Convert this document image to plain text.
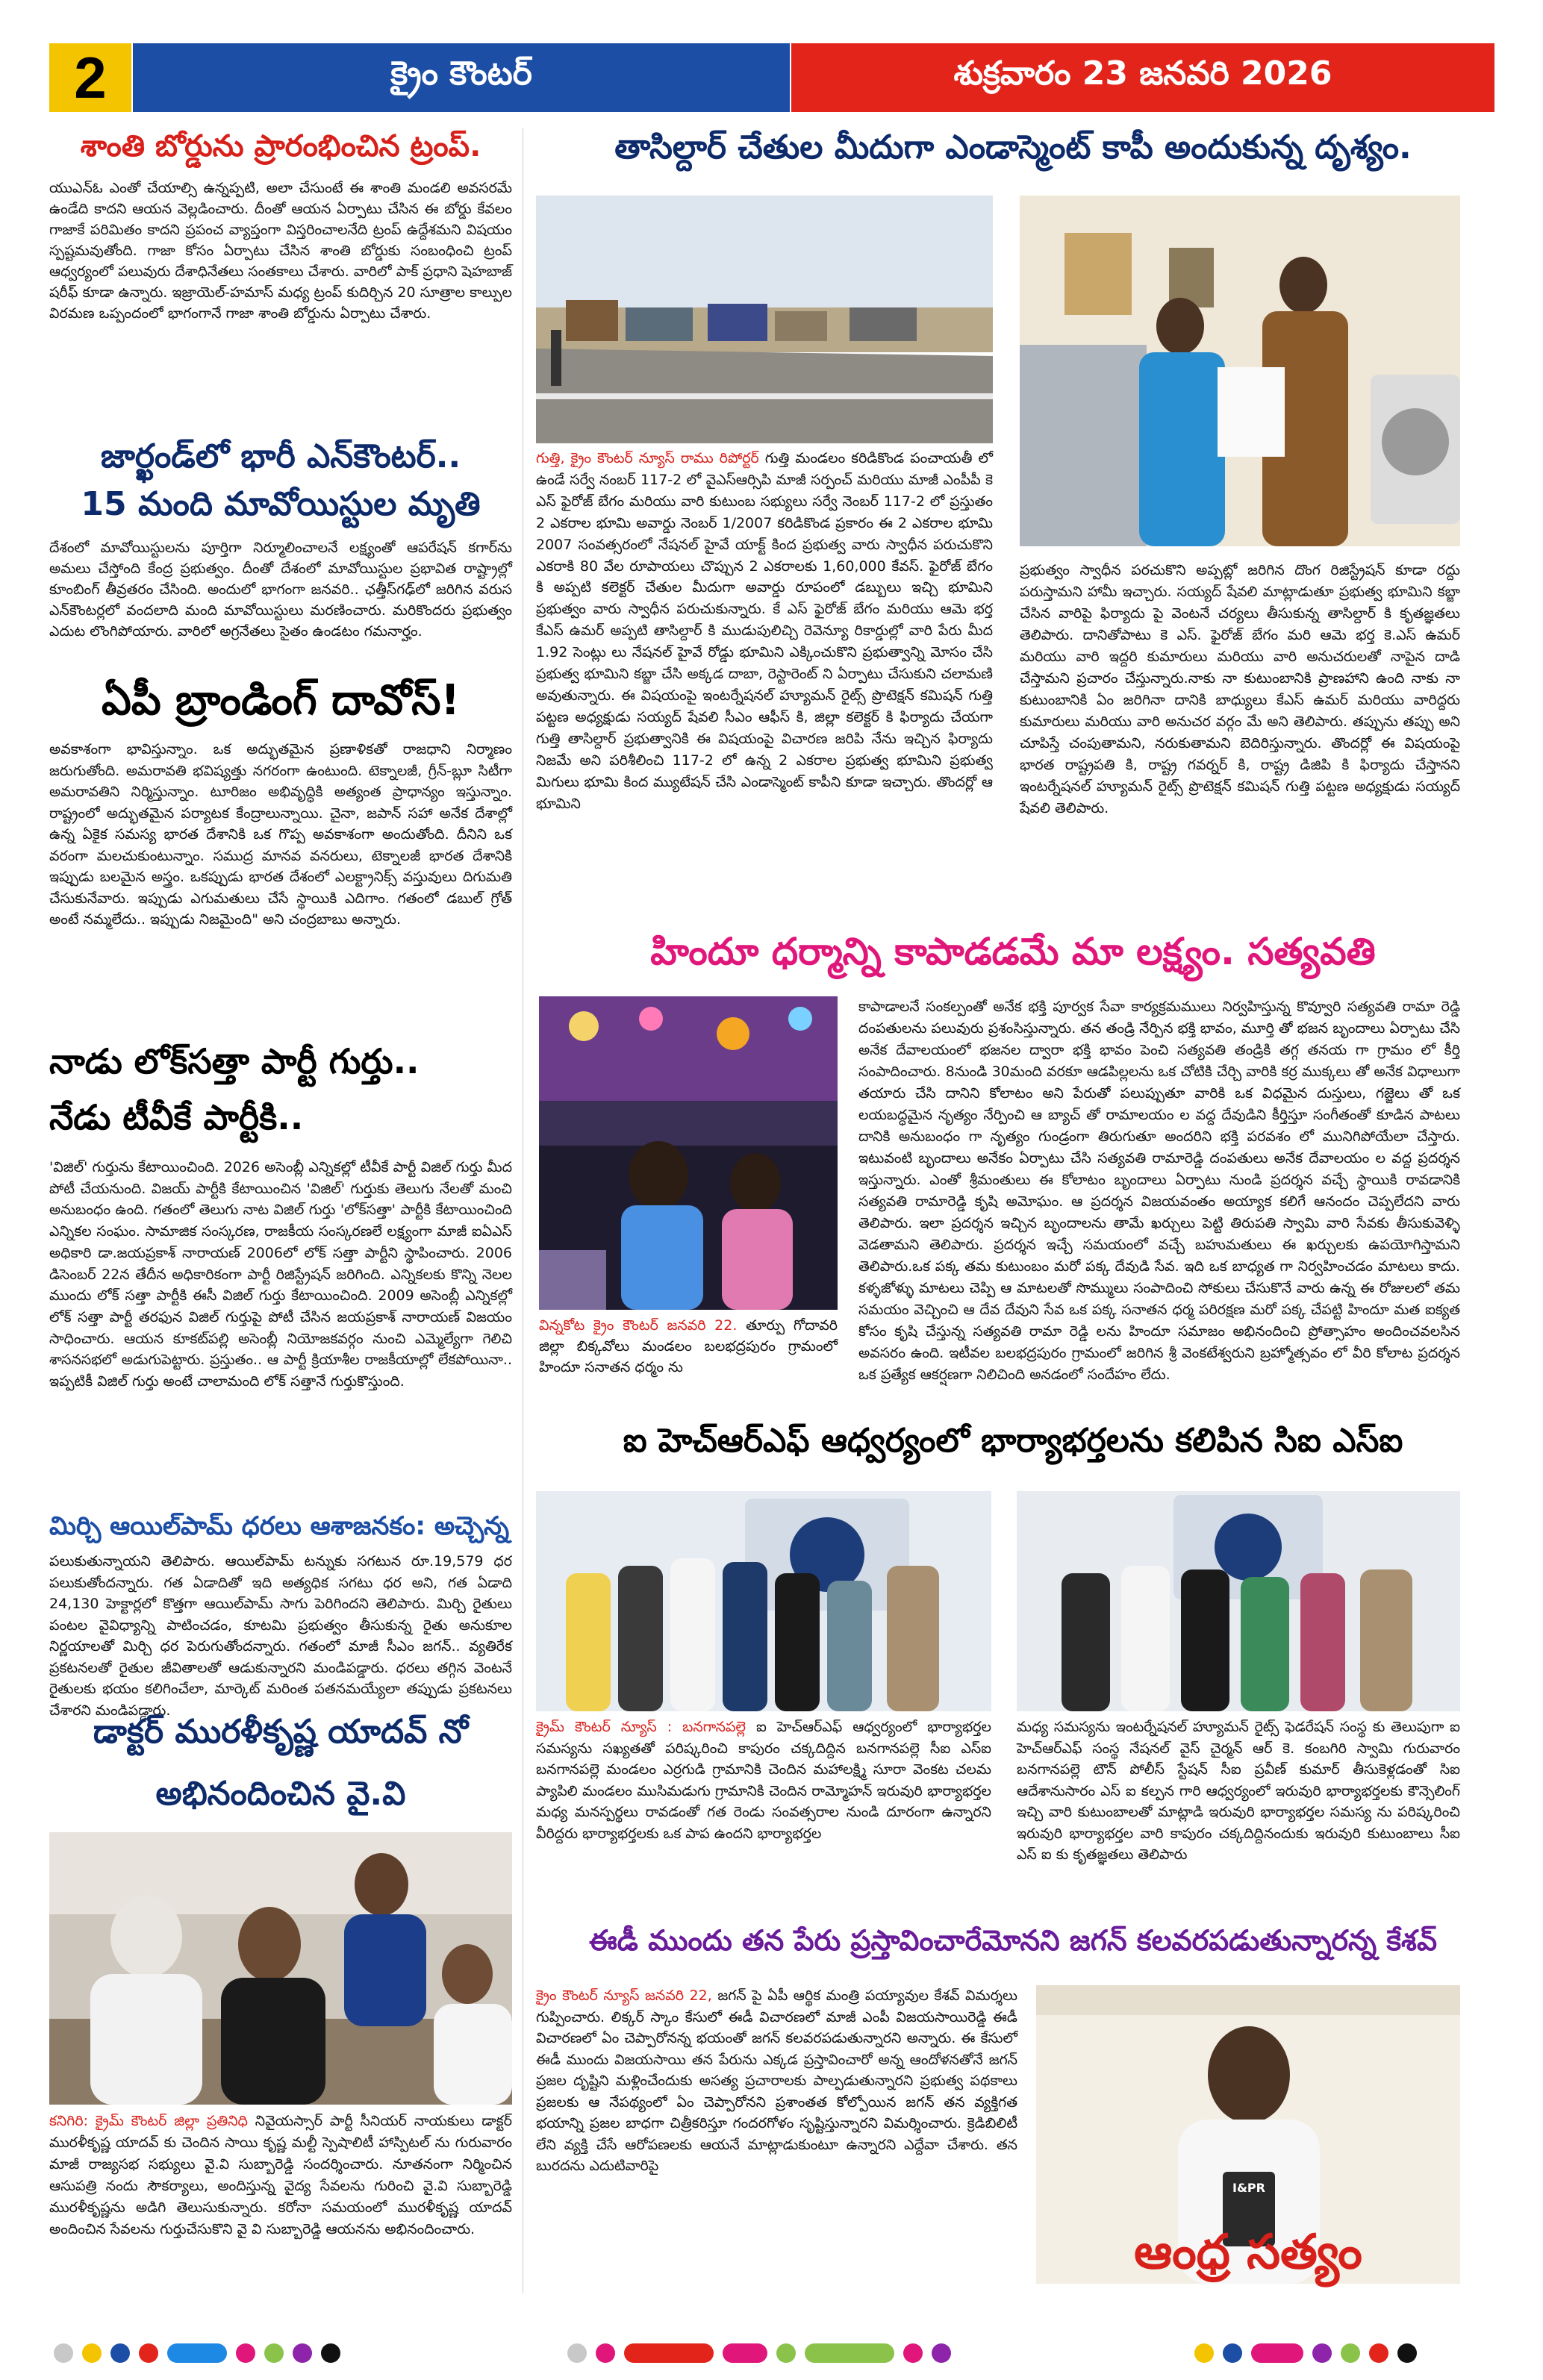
2	క్రైం కౌంటర్	శుక్రవారం 23 జనవరి 2026
శాంతి బోర్డును ప్రారంభించిన ట్రంప్.
యుఎన్ఓ ఎంతో చేయాల్సి ఉన్నప్పటి, అలా చేసుంటే ఈ శాంతి మండలి అవసరమే ఉండేది కాదని ఆయన వెల్లడించారు. దీంతో ఆయన ఏర్పాటు చేసిన ఈ బోర్డు కేవలం గాజాకే పరిమితం కాదని ప్రపంచ వ్యాప్తంగా విస్తరించాలనేది ట్రంప్ ఉద్దేశమని విషయం స్పష్టమవుతోంది. గాజా కోసం ఏర్పాటు చేసిన శాంతి బోర్డుకు సంబంధించి ట్రంప్ ఆధ్వర్యంలో పలువురు దేశాధినేతలు సంతకాలు చేశారు. వారిలో పాక్ ప్రధాని షెహబాజ్ షరీఫ్ కూడా ఉన్నారు. ఇజ్రాయెల్-హమాస్ మధ్య ట్రంప్ కుదిర్చిన 20 సూత్రాల కాల్పుల విరమణ ఒప్పందంలో భాగంగానే గాజా శాంతి బోర్డును ఏర్పాటు చేశారు.
జార్ఖండ్‌లో భారీ ఎన్‌కౌంటర్..
15 మంది మావోయిస్టుల మృతి
దేశంలో మావోయిస్టులను పూర్తిగా నిర్మూలించాలనే లక్ష్యంతో ఆపరేషన్ కగార్‌ను అమలు చేస్తోంది కేంద్ర ప్రభుత్వం. దీంతో దేశంలో మావోయిస్టుల ప్రభావిత రాష్ట్రాల్లో కూంబింగ్ తీవ్రతరం చేసింది. అందులో భాగంగా జనవరి.. ఛత్తీస్‌గఢ్‌లో జరిగిన వరుస ఎన్‌కౌంటర్లలో వందలాది మంది మావోయిస్టులు మరణించారు. మరికొందరు ప్రభుత్వం ఎదుట లొంగిపోయారు. వారిలో అగ్రనేతలు సైతం ఉండటం గమనార్హం.
ఏపీ బ్రాండింగ్ దావోస్!
అవకాశంగా భావిస్తున్నాం. ఒక అద్భుతమైన ప్రణాళికతో రాజధాని నిర్మాణం జరుగుతోంది. అమరావతి భవిష్యత్తు నగరంగా ఉంటుంది. టెక్నాలజీ, గ్రీన్-బ్లూ సిటీగా అమరావతిని నిర్మిస్తున్నాం. టూరిజం అభివృద్ధికి అత్యంత ప్రాధాన్యం ఇస్తున్నాం. రాష్ట్రంలో అద్భుతమైన పర్యాటక కేంద్రాలున్నాయి. చైనా, జపాన్ సహా అనేక దేశాల్లో ఉన్న ఏకైక సమస్య భారత దేశానికి ఒక గొప్ప అవకాశంగా అందుతోంది. దీనిని ఒక వరంగా మలచుకుంటున్నాం. సముద్ర మానవ వనరులు, టెక్నాలజీ భారత దేశానికి ఇప్పుడు బలమైన అస్త్రం. ఒకప్పుడు భారత దేశంలో ఎలక్ట్రానిక్స్ వస్తువులు దిగుమతి చేసుకునేవారు. ఇప్పుడు ఎగుమతులు చేసే స్థాయికి ఎదిగాం. గతంలో డబుల్ గ్రోత్ అంటే నమ్మలేదు.. ఇప్పుడు నిజమైంది" అని చంద్రబాబు అన్నారు.
నాడు లోక్‌సత్తా పార్టీ గుర్తు..
నేడు టీవీకే పార్టీకి..
'విజిల్' గుర్తును కేటాయించింది. 2026 అసెంబ్లీ ఎన్నికల్లో టీవీకే పార్టీ విజిల్ గుర్తు మీద పోటీ చేయనుంది. విజయ్ పార్టీకి కేటాయించిన 'విజిల్' గుర్తుకు తెలుగు నేలతో మంచి అనుబంధం ఉంది. గతంలో తెలుగు నాట విజిల్ గుర్తు 'లోక్‌సత్తా' పార్టీకి కేటాయించింది ఎన్నికల సంఘం. సామాజిక సంస్కరణ, రాజకీయ సంస్కరణలే లక్ష్యంగా మాజీ ఐఏఎస్ అధికారి డా.జయప్రకాశ్ నారాయణ్ 2006లో లోక్ సత్తా పార్టీని స్థాపించారు. 2006 డిసెంబర్ 22న తేదీన అధికారికంగా పార్టీ రిజిస్ట్రేషన్ జరిగింది. ఎన్నికలకు కొన్ని నెలల ముందు లోక్ సత్తా పార్టీకి ఈసీ విజిల్ గుర్తు కేటాయించింది. 2009 అసెంబ్లీ ఎన్నికల్లో లోక్ సత్తా పార్టీ తరఫున విజిల్ గుర్తుపై పోటీ చేసిన జయప్రకాశ్ నారాయణ్ విజయం సాధించారు. ఆయన కూకట్‌పల్లి అసెంబ్లీ నియోజకవర్గం నుంచి ఎమ్మెల్యేగా గెలిచి శాసనసభలో అడుగుపెట్టారు. ప్రస్తుతం.. ఆ పార్టీ క్రియాశీల రాజకీయాల్లో లేకపోయినా.. ఇప్పటికీ విజిల్ గుర్తు అంటే చాలామంది లోక్ సత్తానే గుర్తుకొస్తుంది.
మిర్చి ఆయిల్‌పామ్ ధరలు ఆశాజనకం: అచ్చెన్న
పలుకుతున్నాయని తెలిపారు. ఆయిల్‌పామ్ టన్నుకు సగటున రూ.19,579 ధర పలుకుతోందన్నారు. గత ఏడాదితో ఇది అత్యధిక సగటు ధర అని, గత ఏడాది 24,130 హెక్టార్లలో కొత్తగా ఆయిల్‌పామ్ సాగు పెరిగిందని తెలిపారు. మిర్చి రైతులు పంటల వైవిధ్యాన్ని పాటించడం, కూటమి ప్రభుత్వం తీసుకున్న రైతు అనుకూల నిర్ణయాలతో మిర్చి ధర పెరుగుతోందన్నారు. గతంలో మాజీ సీఎం జగన్.. వ్యతిరేక ప్రకటనలతో రైతుల జీవితాలతో ఆడుకున్నారని మండిపడ్డారు. ధరలు తగ్గిన వెంటనే రైతులకు భయం కలిగించేలా, మార్కెట్ మరింత పతనమయ్యేలా తప్పుడు ప్రకటనలు చేశారని మండిపడ్డారు.
డాక్టర్ మురళీకృష్ణ యాదవ్ నో
అభినందించిన వై.వి
కనిగిరి: క్రైమ్ కౌంటర్ జిల్లా ప్రతినిధి నివైయస్సార్ పార్టీ సీనియర్ నాయకులు డాక్టర్ మురళీకృష్ణ యాదవ్ కు చెందిన సాయి కృష్ణ మల్టీ స్పెషాలిటీ హాస్పిటల్ ను గురువారం మాజీ రాజ్యసభ సభ్యులు వై.వి సుబ్బారెడ్డి సందర్శించారు. నూతనంగా నిర్మించిన ఆసుపత్రి నందు సౌకర్యాలు, అందిస్తున్న వైద్య సేవలను గురించి వై.వి సుబ్బారెడ్డి మురళీకృష్ణను అడిగి తెలుసుకున్నారు. కరోనా సమయంలో మురళీకృష్ణ యాదవ్ అందించిన సేవలను గుర్తుచేసుకొని వై వి సుబ్బారెడ్డి ఆయనను అభినందించారు.
తాసిల్దార్ చేతుల మీదుగా ఎండాస్మెంట్ కాపీ అందుకున్న దృశ్యం.
గుత్తి, క్రైం కౌంటర్ న్యూస్ రాము రిపోర్టర్ గుత్తి మండలం కరిడికొండ పంచాయతీ లో ఉండే సర్వే నంబర్ 117-2 లో వైఎస్ఆర్సిపి మాజీ సర్పంచ్ మరియు మాజీ ఎంపీపీ కె ఎస్ ఫైరోజ్ బేగం మరియు వారి కుటుంబ సభ్యులు సర్వే నెంబర్ 117-2 లో ప్రస్తుతం 2 ఎకరాల భూమి అవార్డు నెంబర్ 1/2007 కరిడికొండ ప్రకారం ఈ 2 ఎకరాల భూమి 2007 సంవత్సరంలో నేషనల్ హైవే యాక్ట్ కింద ప్రభుత్వ వారు స్వాధీన పరుచుకొని ఎకరాకి 80 వేల రూపాయలు చొప్పున 2 ఎకరాలకు 1,60,000 కేవస్. ఫైరోజ్ బేగం కి అప్పటి కలెక్టర్ చేతుల మీదుగా అవార్డు రూపంలో డబ్బులు ఇచ్చి భూమిని ప్రభుత్వం వారు స్వాధీన పరుచుకున్నారు. కే ఎస్ ఫైరోజ్ బేగం మరియు ఆమె భర్త కేఎస్ ఉమర్ అప్పటి తాసిల్దార్ కి ముడుపులిచ్చి రెవెన్యూ రికార్డుల్లో వారి పేరు మీద 1.92 సెంట్లు లు నేషనల్ హైవే రోడ్డు భూమిని ఎక్కించుకొని ప్రభుత్వాన్ని మోసం చేసి ప్రభుత్వ భూమిని కబ్జా చేసి అక్కడ దాబా, రెస్టారెంట్ ని ఏర్పాటు చేసుకుని చలామణి అవుతున్నారు. ఈ విషయంపై ఇంటర్నేషనల్ హ్యూమన్ రైట్స్ ప్రొటెక్షన్ కమిషన్ గుత్తి పట్టణ అధ్యక్షుడు సయ్యద్ షేవలి సీఎం ఆఫీస్ కి, జిల్లా కలెక్టర్ కి ఫిర్యాదు చేయగా గుత్తి తాసిల్దార్ ప్రభుత్వానికి ఈ విషయంపై విచారణ జరిపి నేను ఇచ్చిన ఫిర్యాదు నిజమే అని పరిశీలించి 117-2 లో ఉన్న 2 ఎకరాల ప్రభుత్వ భూమిని ప్రభుత్వ మిగులు భూమి కింద మ్యుటేషన్ చేసి ఎండాస్మెంట్ కాపీని కూడా ఇచ్చారు. తొందర్లో ఆ భూమిని
ప్రభుత్వం స్వాధీన పరచుకొని అప్పట్లో జరిగిన దొంగ రిజిస్ట్రేషన్ కూడా రద్దు పరుస్తామని హామీ ఇచ్చారు. సయ్యద్ షేవలి మాట్లాడుతూ ప్రభుత్వ భూమిని కబ్జా చేసిన వారిపై ఫిర్యాదు పై వెంటనే చర్యలు తీసుకున్న తాసిల్దార్ కి కృతజ్ఞతలు తెలిపారు. దానితోపాటు కె ఎస్. ఫైరోజ్ బేగం మరి ఆమె భర్త కె.ఎస్ ఉమర్ మరియు వారి ఇద్దరి కుమారులు మరియు వారి అనుచరులతో నాపైన దాడి చేస్తామని ప్రచారం చేస్తున్నారు.నాకు నా కుటుంబానికి ప్రాణహాని ఉంది నాకు నా కుటుంబానికి ఏం జరిగినా దానికి బాధ్యులు కేఎస్ ఉమర్ మరియు వారిద్దరు కుమారులు మరియు వారి అనుచర వర్గం మే అని తెలిపారు. తప్పును తప్పు అని చూపిస్తే చంపుతామని, నరుకుతామని బెదిరిస్తున్నారు. తొందర్లో ఈ విషయంపై భారత రాష్ట్రపతి కి, రాష్ట్ర గవర్నర్ కి, రాష్ట్ర డిజిపి కి ఫిర్యాదు చేస్తానని ఇంటర్నేషనల్ హ్యూమన్ రైట్స్ ప్రొటెక్షన్ కమిషన్ గుత్తి పట్టణ అధ్యక్షుడు సయ్యద్ షేవలి తెలిపారు.
హిందూ ధర్మాన్ని కాపాడడమే మా లక్ష్యం. సత్యవతి
విన్నకోట క్రైం కౌంటర్ జనవరి 22. తూర్పు గోదావరి జిల్లా బిక్కవోలు మండలం బలభద్రపురం గ్రామంలో హిందూ సనాతన ధర్మం ను
కాపాడాలనే సంకల్పంతో అనేక భక్తి పూర్వక సేవా కార్యక్రమములు నిర్వహిస్తున్న కొవ్వూరి సత్యవతి రామా రెడ్డి దంపతులను పలువురు ప్రశంసిస్తున్నారు. తన తండ్రి నేర్పిన భక్తి భావం, మూర్తి తో భజన బృందాలు ఏర్పాటు చేసి అనేక దేవాలయంలో భజనల ద్వారా భక్తి భావం పెంచి సత్యవతి తండ్రికి తగ్గ తనయ గా గ్రామం లో కీర్తి సంపాదించారు. 8నుండి 30మంది వరకూ ఆడపిల్లలను ఒక చోటికి చేర్చి వారికి కర్ర ముక్కలు తో అనేక విధాలుగా తయారు చేసి దానిని కోలాటం అని పేరుతో పలుప్పుతూ వారికి ఒక విధమైన దుస్తులు, గజ్జెలు తో ఒక లయబద్ధమైన నృత్యం నేర్పించి ఆ బ్యాచ్ తో రామాలయం ల వద్ద దేవుడిని కీర్తిస్తూ సంగీతంతో కూడిన పాటలు దానికి అనుబంధం గా నృత్యం గుండ్రంగా తిరుగుతూ అందరిని భక్తి పరవశం లో మునిగిపోయేలా చేస్తారు. ఇటువంటి బృందాలు అనేకం ఏర్పాటు చేసి సత్యవతి రామారెడ్డి దంపతులు అనేక దేవాలయం ల వద్ద ప్రదర్శన ఇస్తున్నారు. ఎంతో శ్రీమంతులు ఈ కోలాటం బృందాలు ఏర్పాటు నుండి ప్రదర్శన వచ్చే స్థాయికి రావడానికి సత్యవతి రామారెడ్డి కృషి అమోఘం. ఆ ప్రదర్శన విజయవంతం అయ్యాక కలిగే ఆనందం చెప్పలేదని వారు తెలిపారు. ఇలా ప్రదర్శన ఇచ్చిన బృందాలను తామే ఖర్చులు పెట్టి తిరుపతి స్వామి వారి సేవకు తీసుకువెళ్ళి వెడతామని తెలిపారు. ప్రదర్శన ఇచ్చే సమయంలో వచ్చే బహుమతులు ఈ ఖర్చులకు ఉపయోగిస్తామని తెలిపారు.ఒక పక్క తమ కుటుంబం మరో పక్క దేవుడి సేవ. ఇది ఒక బాధ్యత గా నిర్వహించడం మాటలు కాదు. కళ్ళజోళ్ళు మాటలు చెప్పి ఆ మాటలతో సొమ్ములు సంపాదించి సోకులు చేసుకొనే వారు ఉన్న ఈ రోజులలో తమ సమయం వెచ్చించి ఆ దేవ దేవుని సేవ ఒక పక్క సనాతన ధర్మ పరిరక్షణ మరో పక్క చేపట్టి హిందూ మత ఐక్యత కోసం కృషి చేస్తున్న సత్యవతి రామా రెడ్డి లను హిందూ సమాజం అభినందించి ప్రోత్సాహం అందించవలసిన అవసరం ఉంది. ఇటీవల బలభద్రపురం గ్రామంలో జరిగిన శ్రీ వెంకటేశ్వరుని బ్రహ్మోత్సవం లో వీరి కోలాట ప్రదర్శన ఒక ప్రత్యేక ఆకర్షణగా నిలిచింది అనడంలో సందేహం లేదు.
ఐ హెచ్ఆర్ఎఫ్ ఆధ్వర్యంలో భార్యాభర్తలను కలిపిన సిఐ ఎస్ఐ
క్రైమ్ కౌంటర్ న్యూస్ : బనగానపల్లె ఐ హెచ్ఆర్ఎఫ్ ఆధ్వర్యంలో భార్యాభర్తల సమస్యను సఖ్యతతో పరిష్కరించి కాపురం చక్కదిద్దిన బనగానపల్లె సీఐ ఎస్ఐ బనగానపల్లె మండలం ఎర్రగుడి గ్రామానికి చెందిన మహాలక్ష్మి సూరా వెంకట చలమ ప్యాపిలి మండలం ముసిమడుగు గ్రామానికి చెందిన రామ్మోహన్ ఇరువురి భార్యాభర్తల మధ్య మనస్పర్థలు రావడంతో గత రెండు సంవత్సరాల నుండి దూరంగా ఉన్నారని వీరిద్దరు భార్యాభర్తలకు ఒక పాప ఉందని భార్యాభర్తల
మధ్య సమస్యను ఇంటర్నేషనల్ హ్యూమన్ రైట్స్ ఫెడరేషన్ సంస్థ కు తెలుపుగా ఐ హెచ్ఆర్ఎఫ్ సంస్థ నేషనల్ వైస్ చైర్మన్ ఆర్ కె. కంబగిరి స్వామి గురువారం బనగానపల్లె టౌన్ పోలీస్ స్టేషన్ సీఐ ప్రవీణ్ కుమార్ తీసుకెళ్లడంతో సిఐ ఆదేశానుసారం ఎస్ ఐ కల్పన గారి ఆధ్వర్యంలో ఇరువురి భార్యాభర్తలకు కౌన్సెలింగ్ ఇచ్చి వారి కుటుంబాలతో మాట్లాడి ఇరువురి భార్యాభర్తల సమస్య ను పరిష్కరించి ఇరువురి భార్యాభర్తల వారి కాపురం చక్కదిద్దినందుకు ఇరువురి కుటుంబాలు సీఐ ఎస్ ఐ కు కృతజ్ఞతలు తెలిపారు
ఈడీ ముందు తన పేరు ప్రస్తావించారేమోనని జగన్ కలవరపడుతున్నారన్న కేశవ్
క్రైం కౌంటర్ న్యూస్ జనవరి 22, జగన్ పై ఏపీ ఆర్థిక మంత్రి పయ్యావుల కేశవ్ విమర్శలు గుప్పించారు. లిక్కర్ స్కాం కేసులో ఈడీ విచారణలో మాజీ ఎంపీ విజయసాయిరెడ్డి ఈడీ విచారణలో ఏం చెప్పారోనన్న భయంతో జగన్ కలవరపడుతున్నారని అన్నారు. ఈ కేసులో ఈడీ ముందు విజయసాయి తన పేరును ఎక్కడ ప్రస్తావించారో అన్న ఆందోళనతోనే జగన్ ప్రజల దృష్టిని మళ్లించేందుకు అసత్య ప్రచారాలకు పాల్పడుతున్నారని ప్రభుత్వ పథకాలు ప్రజలకు ఆ నేపథ్యంలో ఏం చెప్పారోనని ప్రశాంతత కోల్పోయిన జగన్ తన వ్యక్తిగత భయాన్ని ప్రజల బాధగా చిత్రీకరిస్తూ గందరగోళం సృష్టిస్తున్నారని విమర్శించారు. క్రెడిబిలిటీ లేని వ్యక్తి చేసే ఆరోపణలకు ఆయనే మాట్లాడుకుంటూ ఉన్నారని ఎద్దేవా చేశారు. తన బురదను ఎదుటివారిపై
ఆంధ్ర సత్యం
I&PR
